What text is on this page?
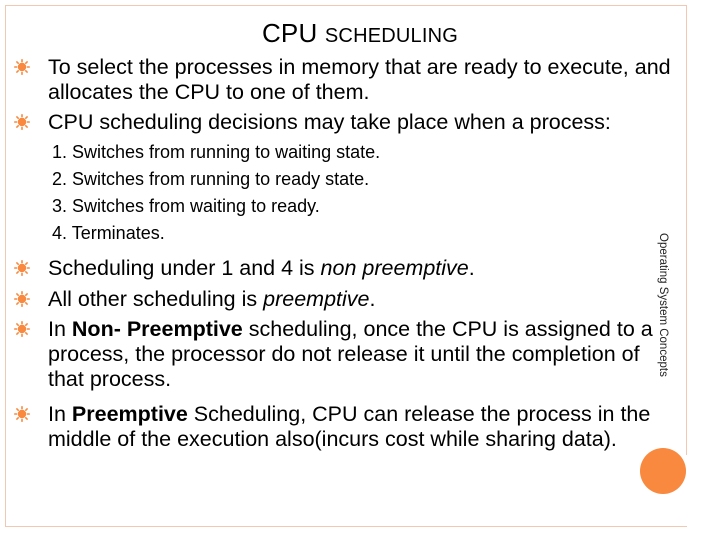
CPU SCHEDULING
To select the processes in memory that are ready to execute, and allocates the CPU to one of them.
CPU scheduling decisions may take place when a process:
1. Switches from running to waiting state.
2. Switches from running to ready state.
3. Switches from waiting to ready.
4. Terminates.
Scheduling under 1 and 4 is non preemptive.
All other scheduling is preemptive.
In Non- Preemptive scheduling, once the CPU is assigned to a process, the processor do not release it until the completion of that process.
In Preemptive Scheduling, CPU can release the process in the middle of the execution also(incurs cost while sharing data).
Operating System Concepts
